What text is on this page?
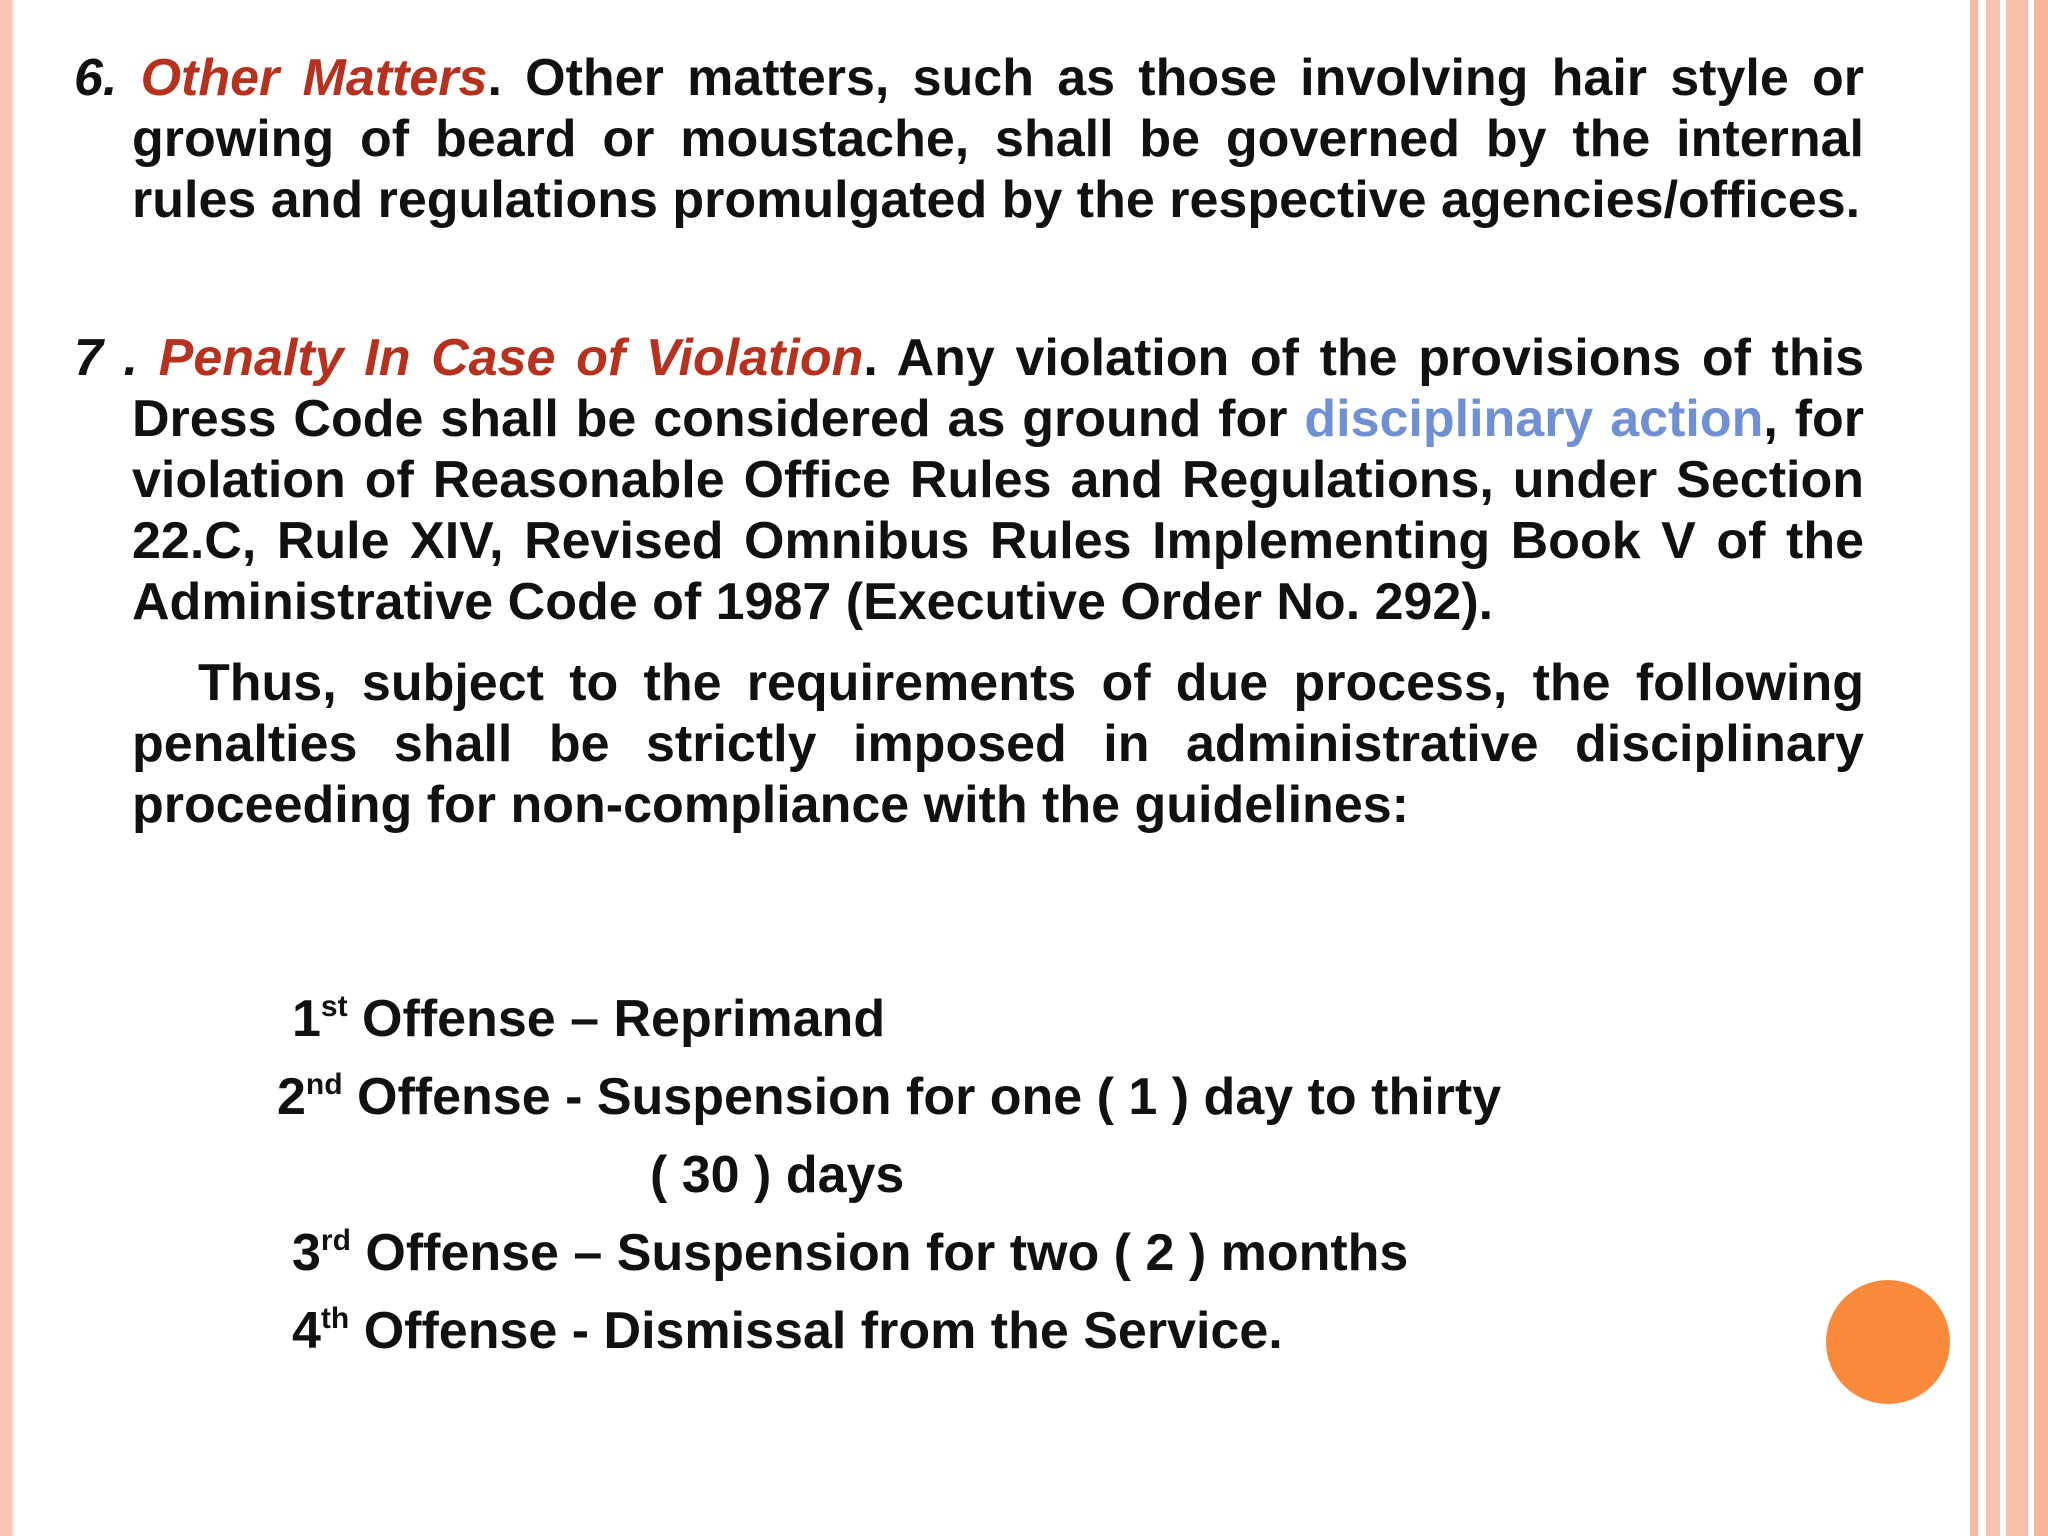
6. Other Matters. Other matters, such as those involving hair style or growing of beard or moustache, shall be governed by the internal rules and regulations promulgated by the respective agencies/offices.

7 . Penalty In Case of Violation. Any violation of the provisions of this Dress Code shall be considered as ground for disciplinary action, for violation of Reasonable Office Rules and Regulations, under Section 22.C, Rule XIV, Revised Omnibus Rules Implementing Book V of the Administrative Code of 1987 (Executive Order No. 292).

Thus, subject to the requirements of due process, the following penalties shall be strictly imposed in administrative disciplinary proceeding for non-compliance with the guidelines:

1st Offense – Reprimand
2nd Offense - Suspension for one ( 1 ) day to thirty
( 30 ) days
3rd Offense – Suspension for two ( 2 ) months
4th Offense - Dismissal from the Service.
